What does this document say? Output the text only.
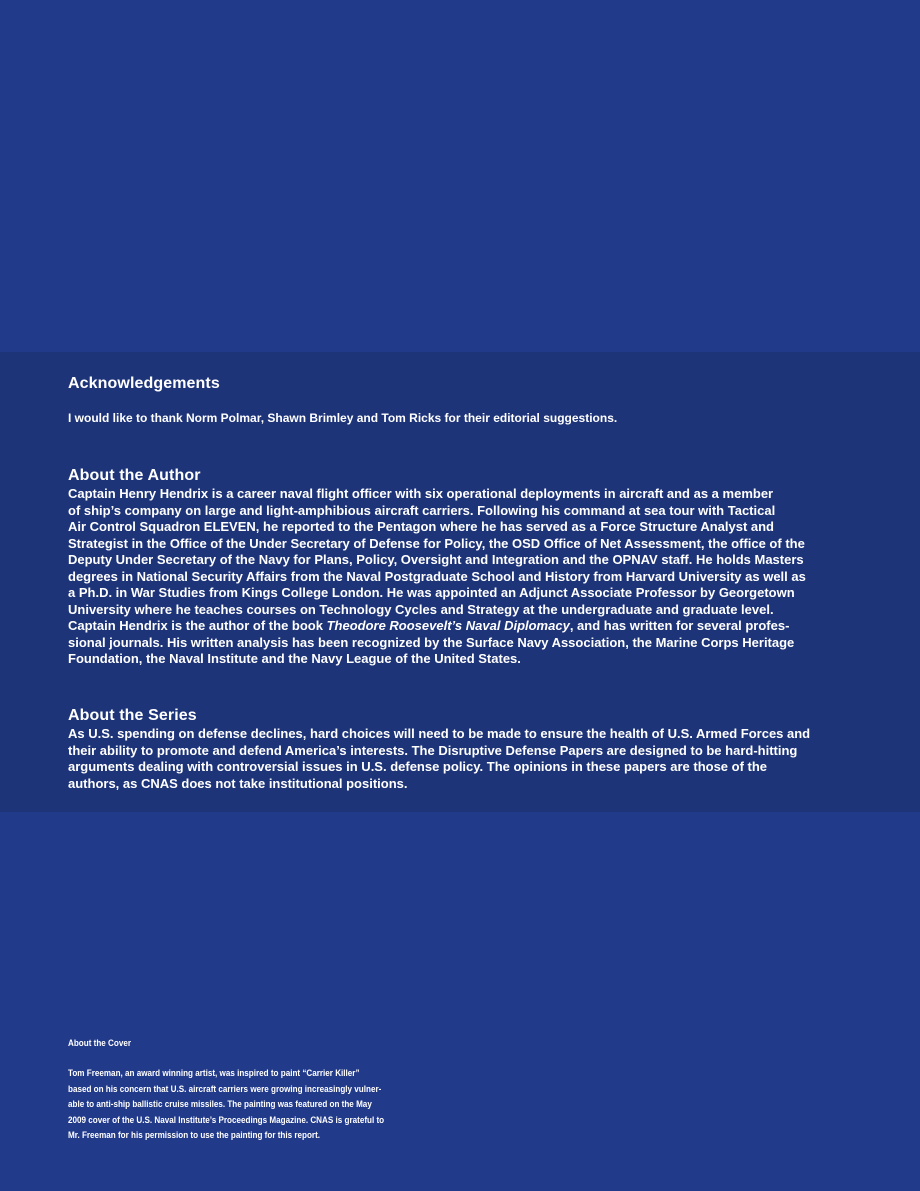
Acknowledgements

I would like to thank Norm Polmar, Shawn Brimley and Tom Ricks for their editorial suggestions.

About the Author
Captain Henry Hendrix is a career naval flight officer with six operational deployments in aircraft and as a member
of ship’s company on large and light-amphibious aircraft carriers. Following his command at sea tour with Tactical
Air Control Squadron ELEVEN, he reported to the Pentagon where he has served as a Force Structure Analyst and
Strategist in the Office of the Under Secretary of Defense for Policy, the OSD Office of Net Assessment, the office of the
Deputy Under Secretary of the Navy for Plans, Policy, Oversight and Integration and the OPNAV staff. He holds Masters
degrees in National Security Affairs from the Naval Postgraduate School and History from Harvard University as well as
a Ph.D. in War Studies from Kings College London. He was appointed an Adjunct Associate Professor by Georgetown
University where he teaches courses on Technology Cycles and Strategy at the undergraduate and graduate level.
Captain Hendrix is the author of the book Theodore Roosevelt’s Naval Diplomacy, and has written for several profes-
sional journals. His written analysis has been recognized by the Surface Navy Association, the Marine Corps Heritage
Foundation, the Naval Institute and the Navy League of the United States.
About the Series
As U.S. spending on defense declines, hard choices will need to be made to ensure the health of U.S. Armed Forces and
their ability to promote and defend America’s interests. The Disruptive Defense Papers are designed to be hard-hitting
arguments dealing with controversial issues in U.S. defense policy. The opinions in these papers are those of the
authors, as CNAS does not take institutional positions.

About the Cover

Tom Freeman, an award winning artist, was inspired to paint “Carrier Killer”
based on his concern that U.S. aircraft carriers were growing increasingly vulner-
able to anti-ship ballistic cruise missiles. The painting was featured on the May
2009 cover of the U.S. Naval Institute’s Proceedings Magazine. CNAS is grateful to
Mr. Freeman for his permission to use the painting for this report.
